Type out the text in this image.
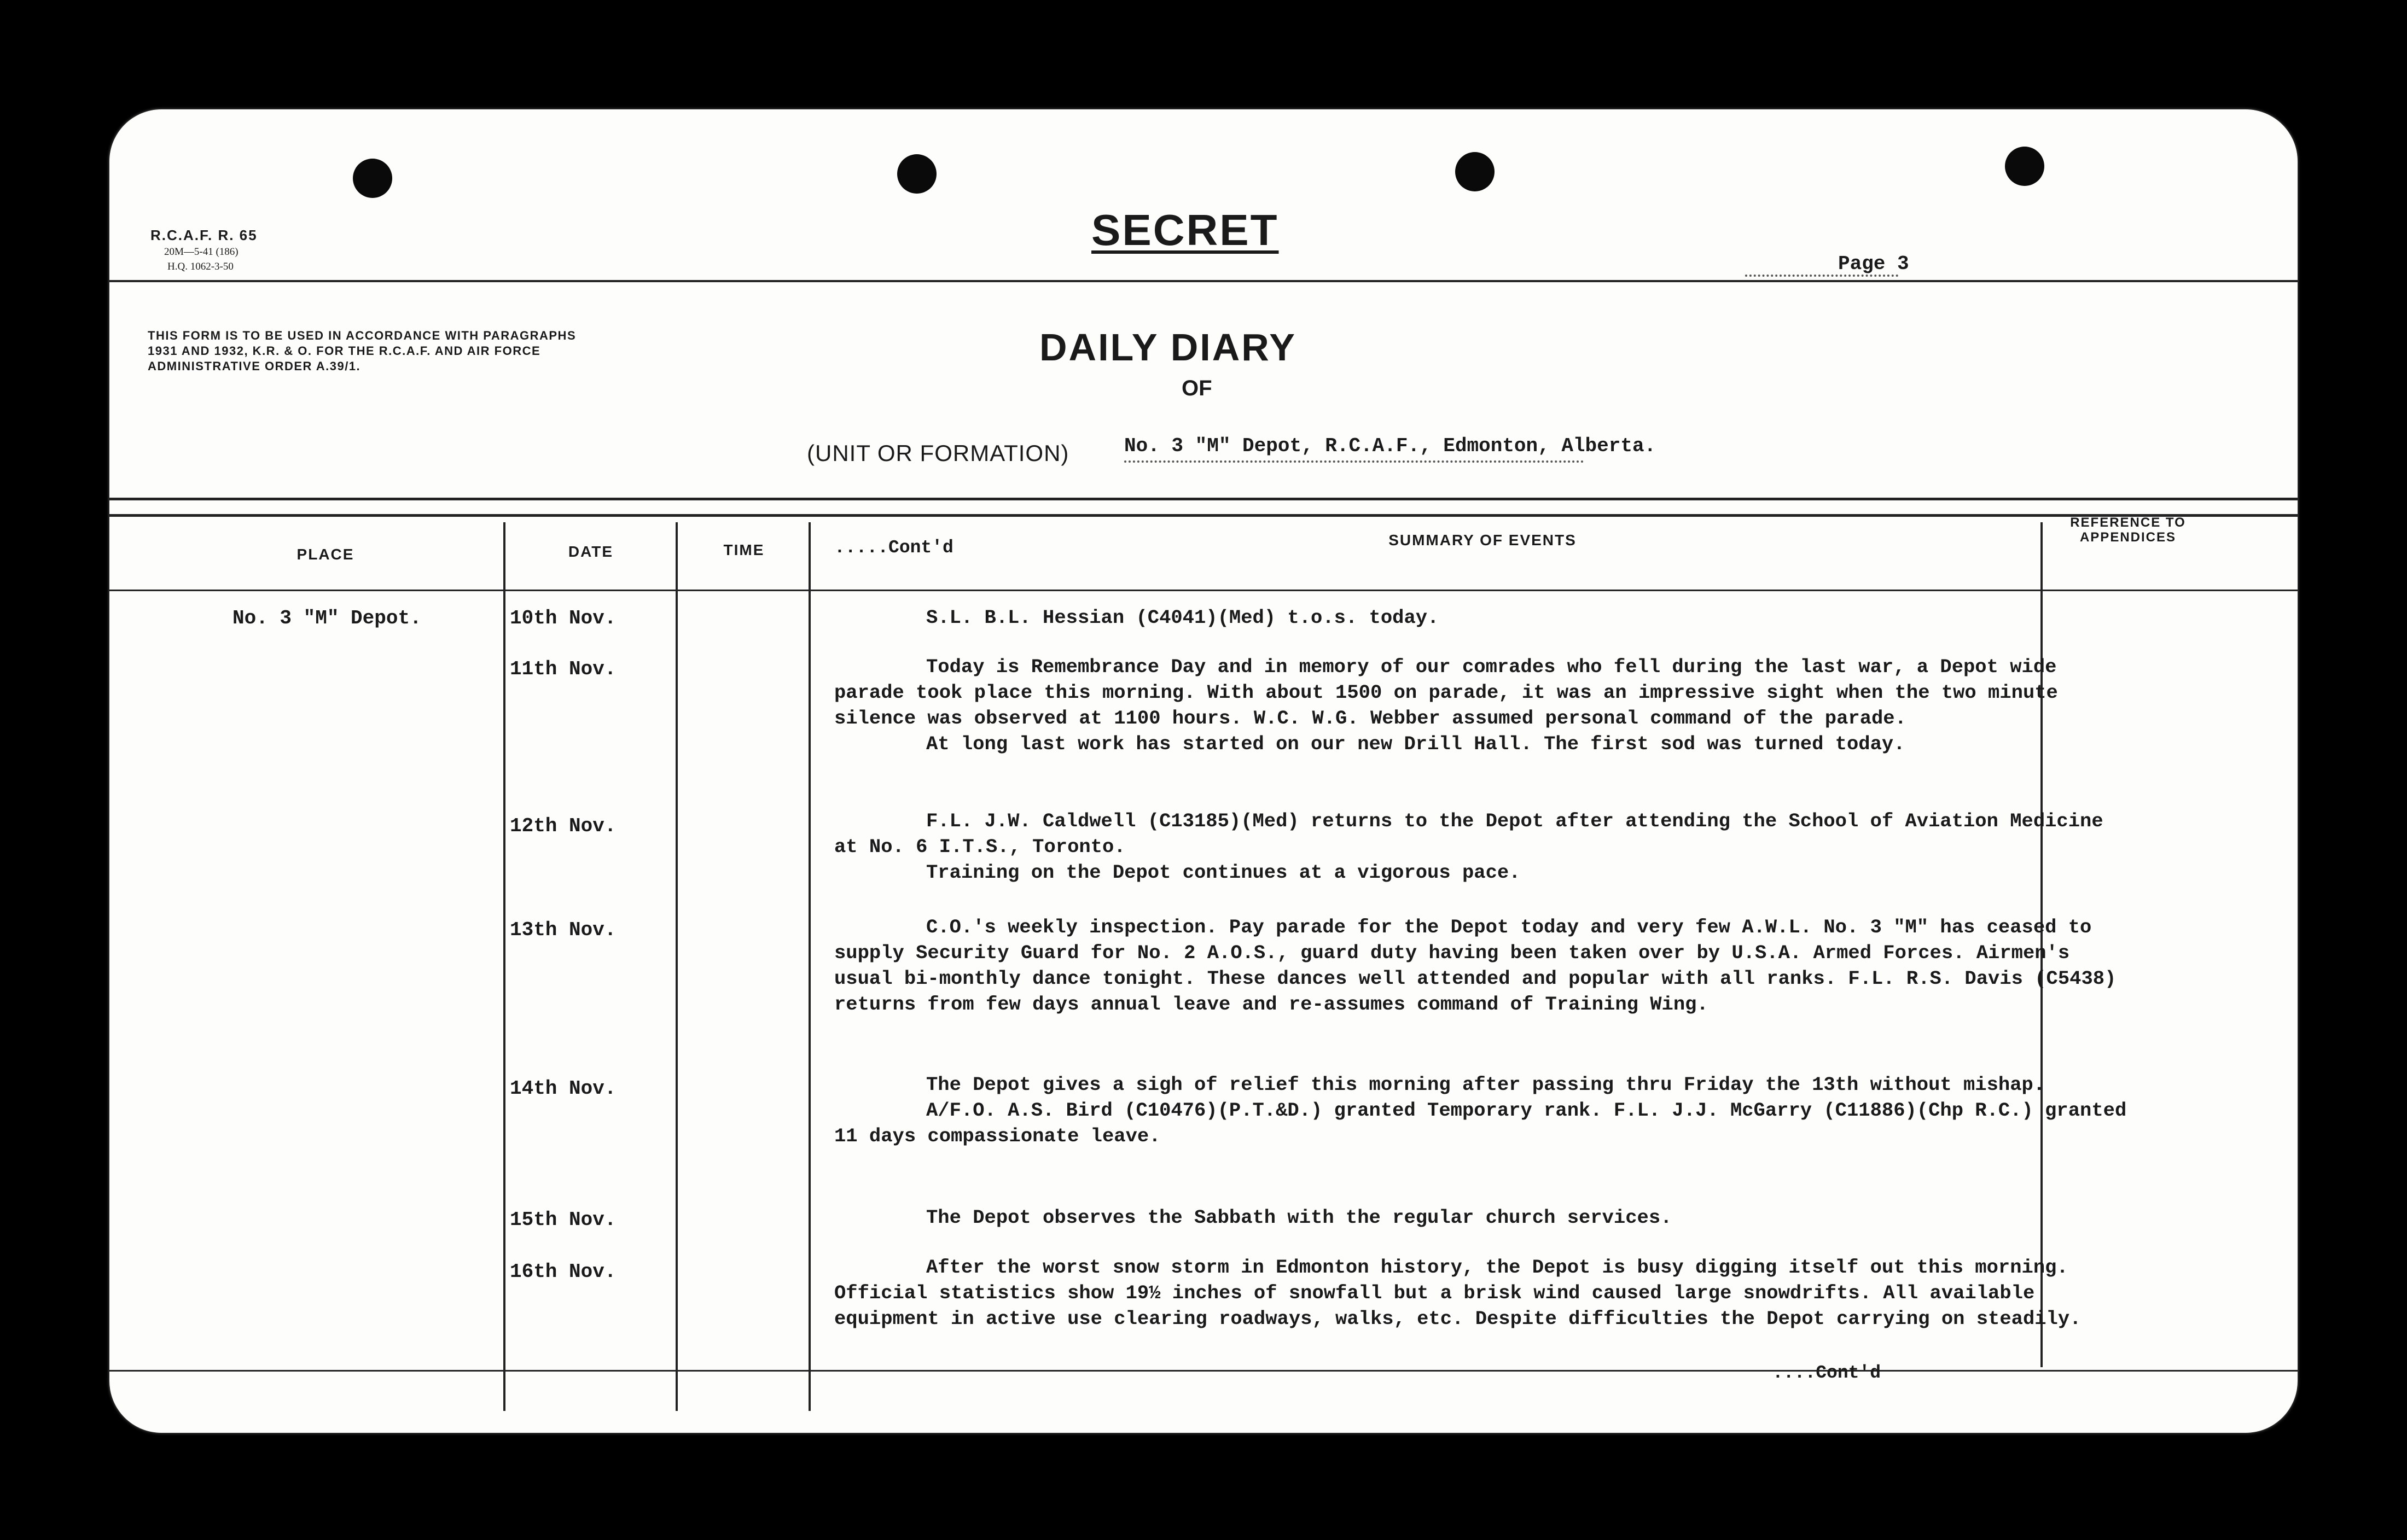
R.C.A.F. R. 65
20M—5-41 (186)
H.Q. 1062-3-50
SECRET
Page 3
THIS FORM IS TO BE USED IN ACCORDANCE WITH PARAGRAPHS 1931 AND 1932, K.R. & O. FOR THE R.C.A.F. AND AIR FORCE ADMINISTRATIVE ORDER A.39/1.	DAILY DIARY
OF
(UNIT OR FORMATION)	No. 3 "M" Depot, R.C.A.F., Edmonton, Alberta.
PLACE	DATE	TIME	.....Cont'd	SUMMARY OF EVENTS
REFERENCE TO APPENDICES
No. 3 "M" Depot.	10th Nov.	S.L. B.L. Hessian (C4041)(Med) t.o.s. today.

11th Nov.	Today is Remembrance Day and in memory of our comrades who fell during the last war, a Depot wide parade took place this morning. With about 1500 on parade, it was an impressive sight when the two minute silence was observed at 1100 hours. W.C. W.G. Webber assumed personal command of the parade.

At long last work has started on our new Drill Hall. The first sod was turned today.

12th Nov.	F.L. J.W. Caldwell (C13185)(Med) returns to the Depot after attending the School of Aviation Medicine at No. 6 I.T.S., Toronto.

Training on the Depot continues at a vigorous pace.

13th Nov.	C.O.'s weekly inspection. Pay parade for the Depot today and very few A.W.L. No. 3 "M" has ceased to supply Security Guard for No. 2 A.O.S., guard duty having been taken over by U.S.A. Armed Forces. Airmen's usual bi-monthly dance tonight. These dances well attended and popular with all ranks. F.L. R.S. Davis (C5438) returns from few days annual leave and re-assumes command of Training Wing.

14th Nov.	The Depot gives a sigh of relief this morning after passing thru Friday the 13th without mishap.

A/F.O. A.S. Bird (C10476)(P.T.&D.) granted Temporary rank. F.L. J.J. McGarry (C11886)(Chp R.C.) granted 11 days compassionate leave.

15th Nov.	The Depot observes the Sabbath with the regular church services.

16th Nov.	After the worst snow storm in Edmonton history, the Depot is busy digging itself out this morning. Official statistics show 19½ inches of snowfall but a brisk wind caused large snowdrifts. All available equipment in active use clearing roadways, walks, etc. Despite difficulties the Depot carrying on steadily.

....Cont'd
